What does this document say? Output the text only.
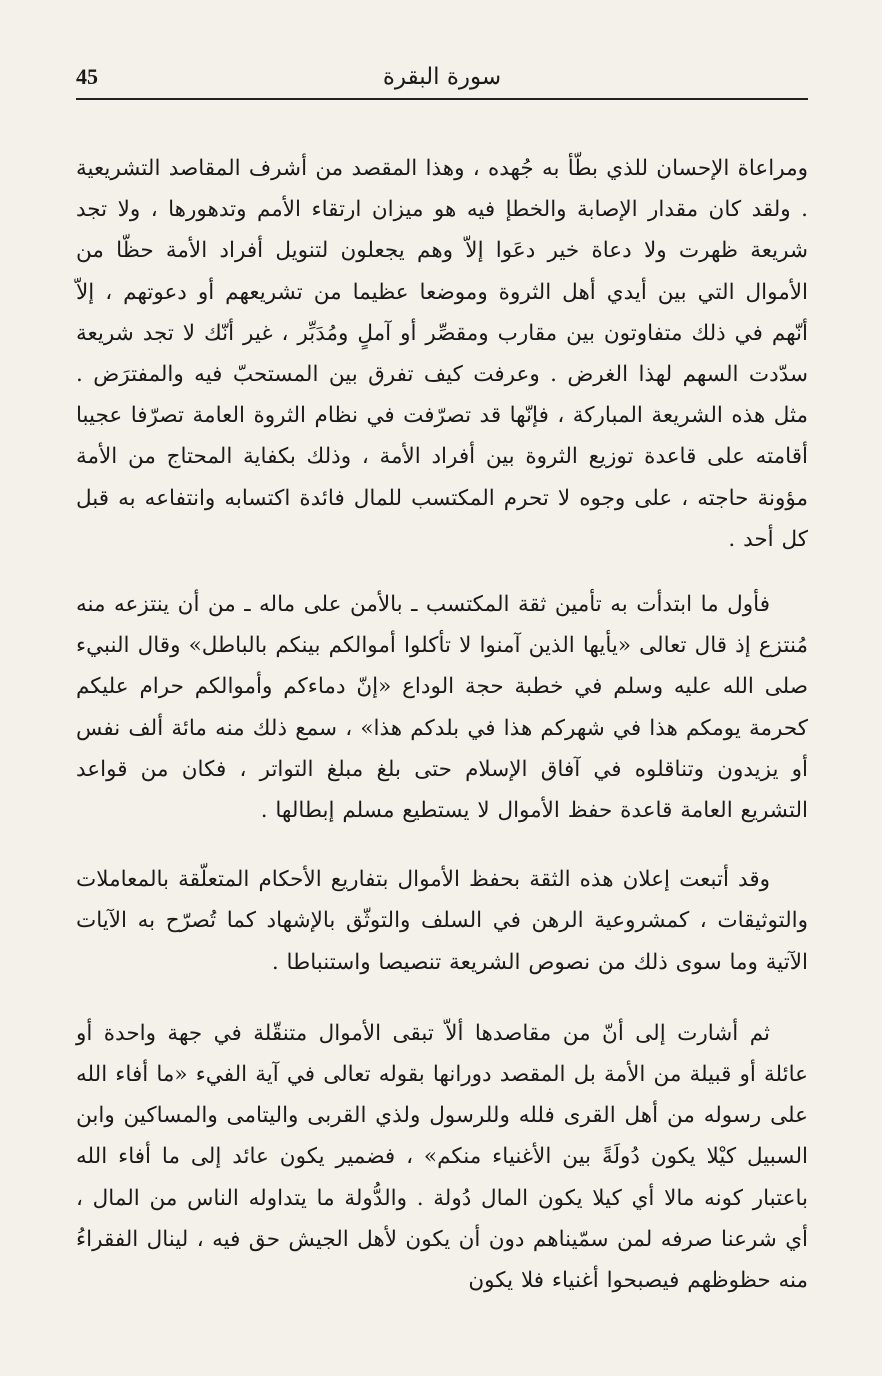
45	سورة البقرة

ومراعاة الإحسان للذي بطّأ به جُهده ، وهذا المقصد من أشرف المقاصد التشريعية . ولقد كان مقدار الإصابة والخطإ فيه هو ميزان ارتقاء الأمم وتدهورها ، ولا تجد شريعة ظهرت ولا دعاة خير دعَوا إلاّ وهم يجعلون لتنويل أفراد الأمة حظّا من الأموال التي بين أيدي أهل الثروة وموضعا عظيما من تشريعهم أو دعوتهم ، إلاّ أنّهم في ذلك متفاوتون بين مقارب ومقصِّر أو آملٍ ومُدَبِّر ، غير أنّك لا تجد شريعة سدّدت السهم لهذا الغرض . وعرفت كيف تفرق بين المستحبّ فيه والمفترَض . مثل هذه الشريعة المباركة ، فإنّها قد تصرّفت في نظام الثروة العامة تصرّفا عجيبا أقامته على قاعدة توزيع الثروة بين أفراد الأمة ، وذلك بكفاية المحتاج من الأمة مؤونة حاجته ، على وجوه لا تحرم المكتسب للمال فائدة اكتسابه وانتفاعه به قبل كل أحد .

فأول ما ابتدأت به تأمين ثقة المكتسب ـ بالأمن على ماله ـ من أن ينتزعه منه مُنتزع إذ قال تعالى «يأيها الذين آمنوا لا تأكلوا أموالكم بينكم بالباطل» وقال النبيء صلى الله عليه وسلم في خطبة حجة الوداع «إنّ دماءكم وأموالكم حرام عليكم كحرمة يومكم هذا في شهركم هذا في بلدكم هذا» ، سمع ذلك منه مائة ألف نفس أو يزيدون وتناقلوه في آفاق الإسلام حتى بلغ مبلغ التواتر ، فكان من قواعد التشريع العامة قاعدة حفظ الأموال لا يستطيع مسلم إبطالها .

وقد أتبعت إعلان هذه الثقة بحفظ الأموال بتفاريع الأحكام المتعلّقة بالمعاملات والتوثيقات ، كمشروعية الرهن في السلف والتوثّق بالإشهاد كما تُصرّح به الآيات الآتية وما سوى ذلك من نصوص الشريعة تنصيصا واستنباطا .

ثم أشارت إلى أنّ من مقاصدها ألاّ تبقى الأموال متنقّلة في جهة واحدة أو عائلة أو قبيلة من الأمة بل المقصد دورانها بقوله تعالى في آية الفيء «ما أفاء الله على رسوله من أهل القرى فلله وللرسول ولذي القربى واليتامى والمساكين وابن السبيل كيْلا يكون دُولَةً بين الأغنياء منكم» ، فضمير يكون عائد إلى ما أفاء الله باعتبار كونه مالا أي كيلا يكون المال دُولة . والدُّولة ما يتداوله الناس من المال ، أي شرعنا صرفه لمن سمّيناهم دون أن يكون لأهل الجيش حق فيه ، لينال الفقراءُ منه حظوظهم فيصبحوا أغنياء فلا يكون
